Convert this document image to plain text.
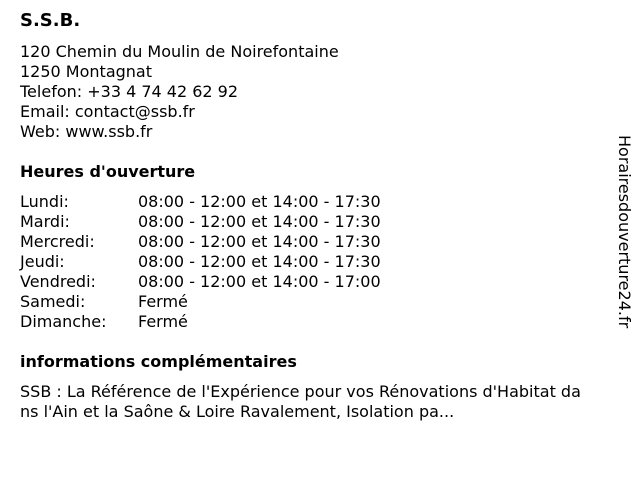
S.S.B.
120 Chemin du Moulin de Noirefontaine
1250 Montagnat
Telefon: +33 4 74 42 62 92
Email: contact@ssb.fr
Web: www.ssb.fr
Heures d'ouverture
Lundi:	08:00 - 12:00 et 14:00 - 17:30
Mardi:	08:00 - 12:00 et 14:00 - 17:30
Mercredi:	08:00 - 12:00 et 14:00 - 17:30
Jeudi:	08:00 - 12:00 et 14:00 - 17:30
Vendredi:	08:00 - 12:00 et 14:00 - 17:00
Samedi:	Fermé
Dimanche:	Fermé
informations complémentaires
SSB : La Référence de l'Expérience pour vos Rénovations d'Habitat dans l'Ain et la Saône & Loire Ravalement, Isolation pa...
Horairesdouverture24.fr
